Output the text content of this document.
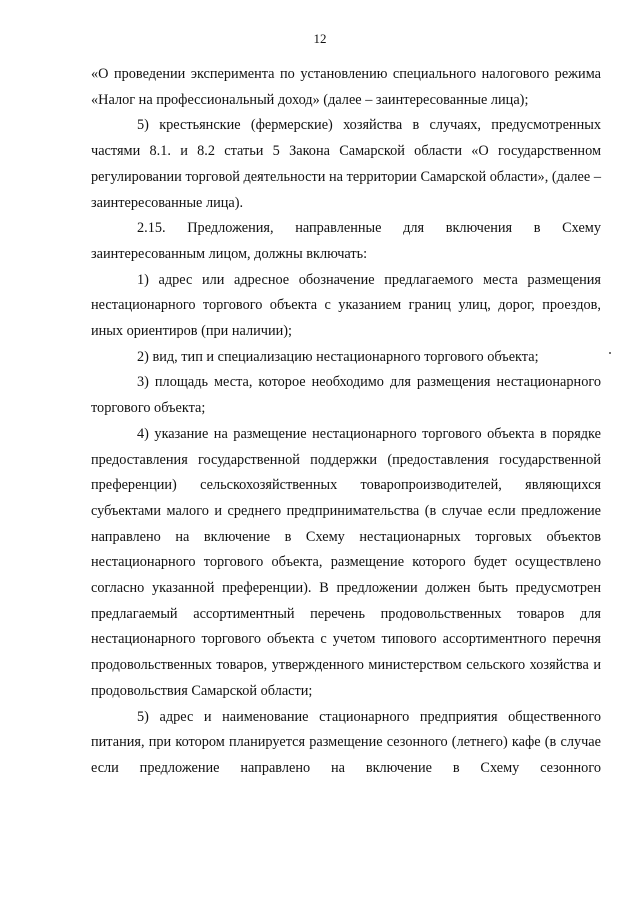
12

«О проведении эксперимента по установлению специального налогового режима «Налог на профессиональный доход» (далее – заинтересованные лица);

5) крестьянские (фермерские) хозяйства в случаях, предусмотренных частями 8.1. и 8.2 статьи 5 Закона Самарской области «О государственном регулировании торговой деятельности на территории Самарской области», (далее – заинтересованные лица).

2.15. Предложения, направленные для включения в Схему заинтересованным лицом, должны включать:

1) адрес или адресное обозначение предлагаемого места размещения нестационарного торгового объекта с указанием границ улиц, дорог, проездов, иных ориентиров (при наличии);

2) вид, тип и специализацию нестационарного торгового объекта;

3) площадь места, которое необходимо для размещения нестационарного торгового объекта;

4) указание на размещение нестационарного торгового объекта в порядке предоставления государственной поддержки (предоставления государственной преференции) сельскохозяйственных товаропроизводителей, являющихся субъектами малого и среднего предпринимательства (в случае если предложение направлено на включение в Схему нестационарных торговых объектов нестационарного торгового объекта, размещение которого будет осуществлено согласно указанной преференции). В предложении должен быть предусмотрен предлагаемый ассортиментный перечень продовольственных товаров для нестационарного торгового объекта с учетом типового ассортиментного перечня продовольственных товаров, утвержденного министерством сельского хозяйства и продовольствия Самарской области;

5) адрес и наименование стационарного предприятия общественного питания, при котором планируется размещение сезонного (летнего) кафе (в случае если предложение направлено на включение в Схему сезонного
